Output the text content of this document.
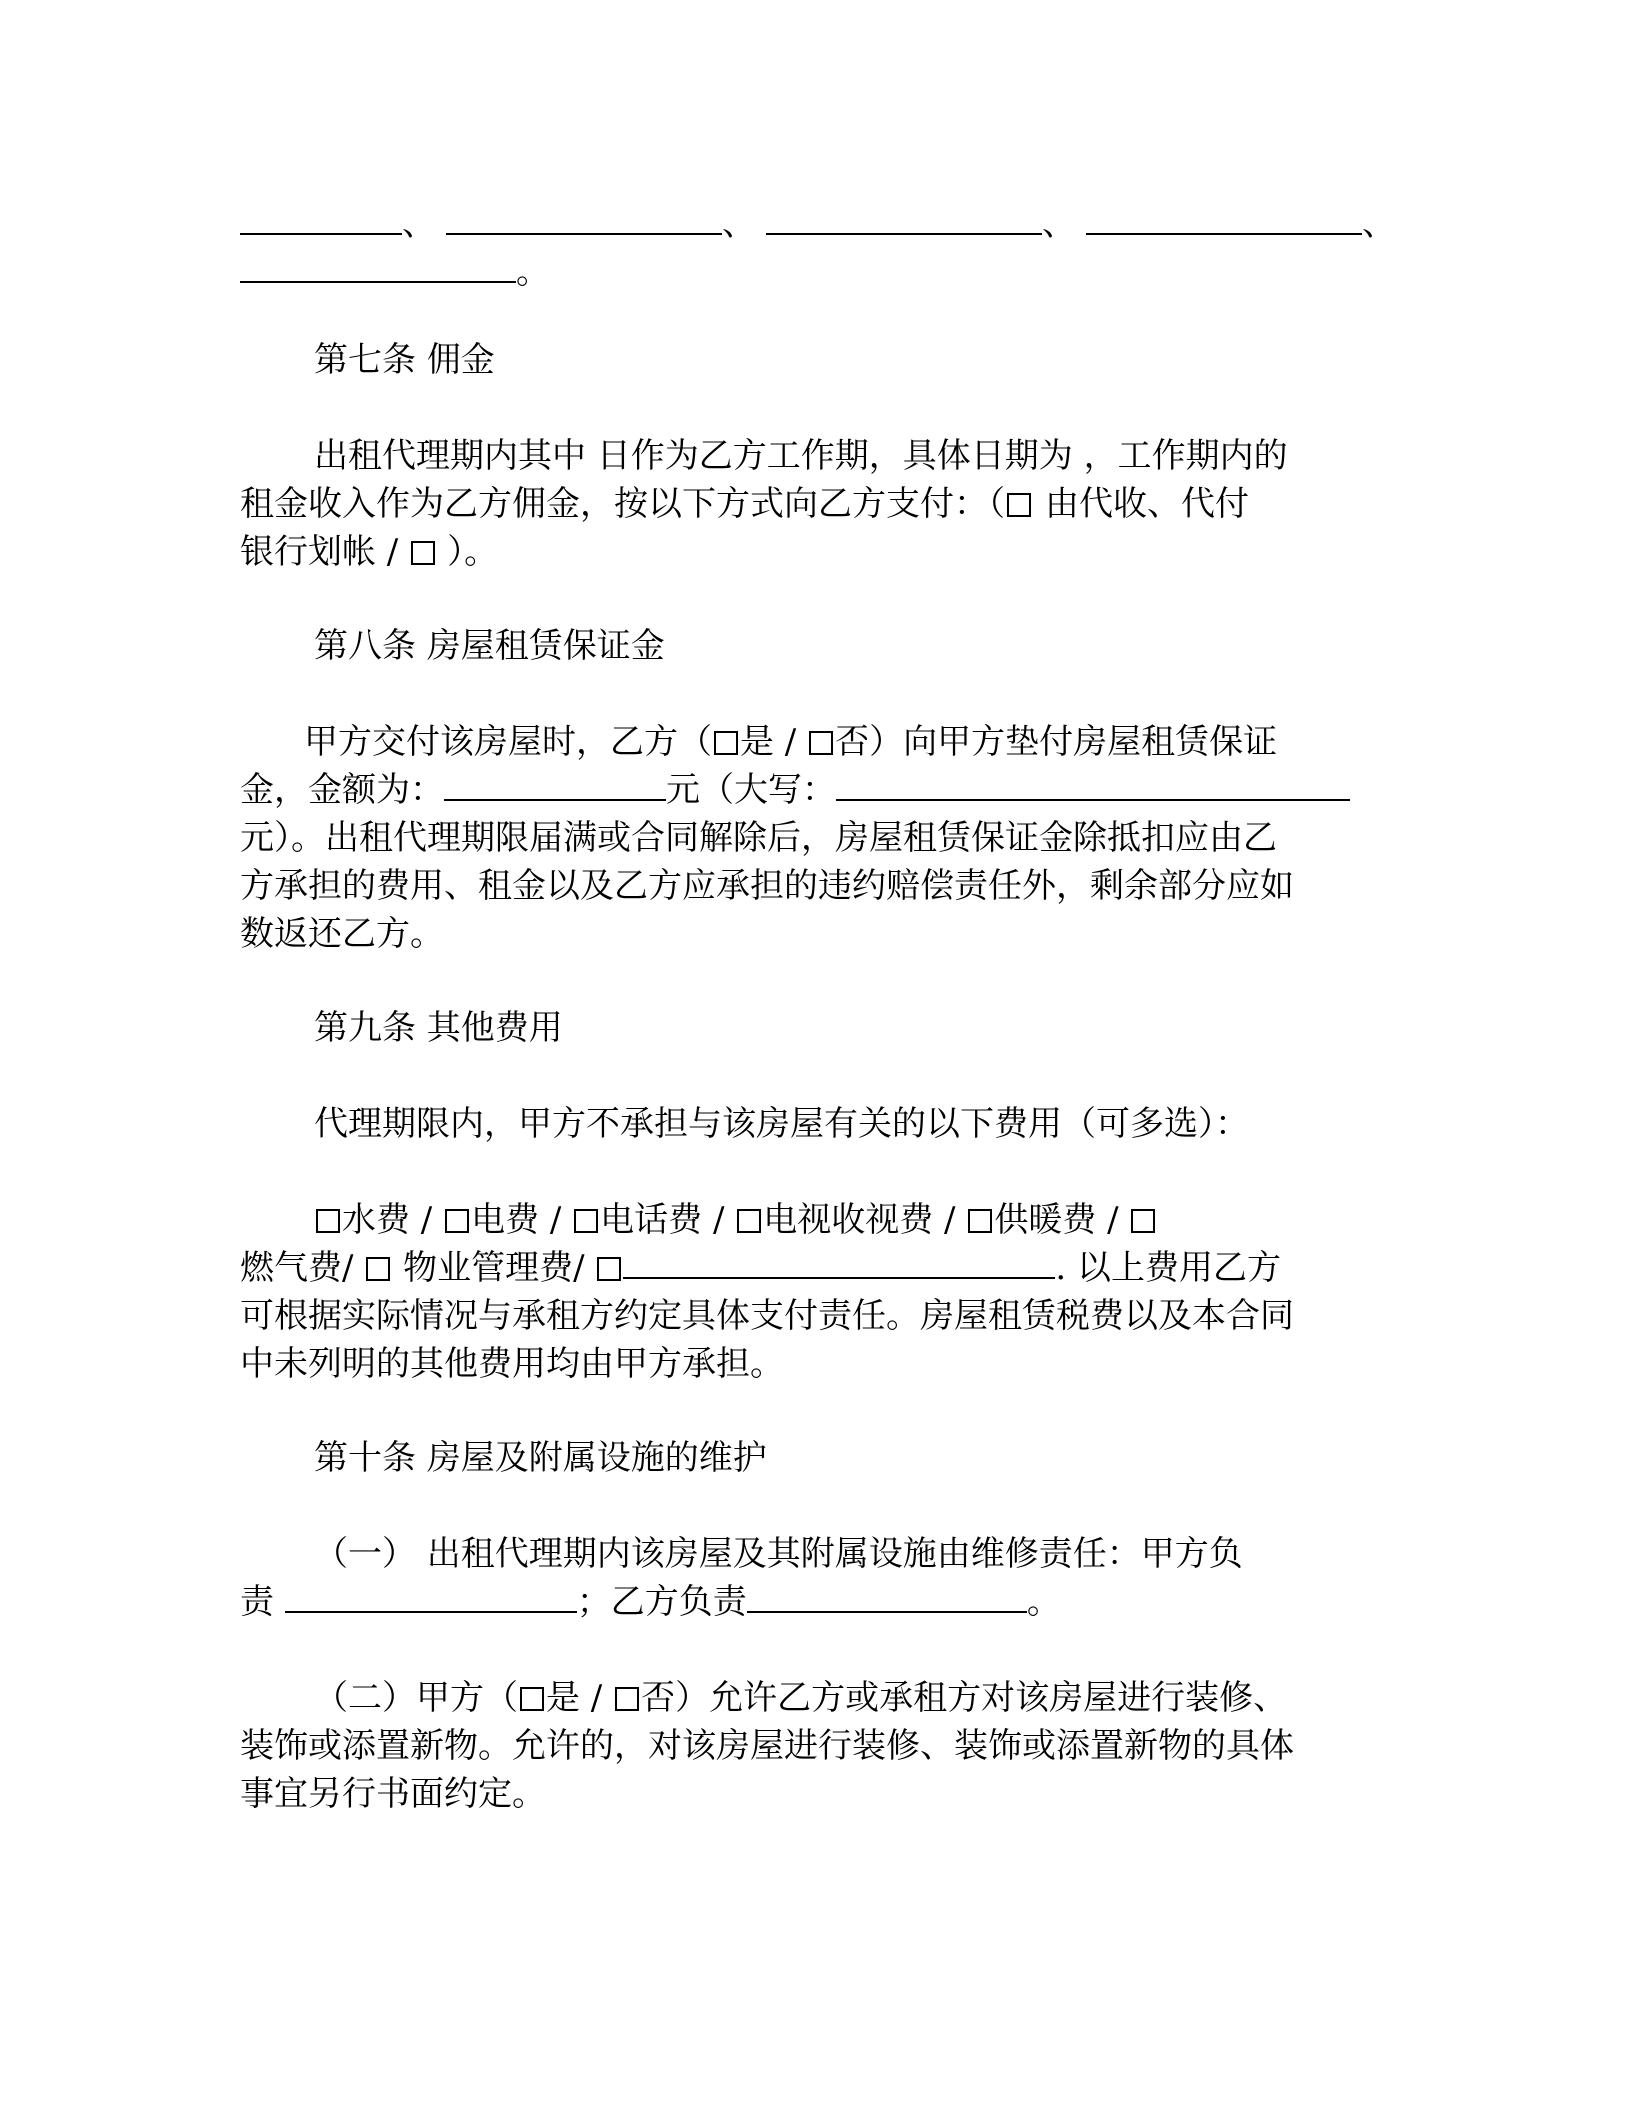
、	、	、	、
。
第七条 佣金
出租代理期内其中 日作为乙方工作期，具体日期为 ，工作期内的
租金收入作为乙方佣金，按以下方式向乙方支付：（ 由代收、代付
银行划帐 / ）。
第八条 房屋租赁保证金
甲方交付该房屋时，乙方（ 是 / 否）向甲方垫付房屋租赁保证
金，金额为：	元（大写：
元）。出租代理期限届满或合同解除后，房屋租赁保证金除抵扣应由乙
方承担的费用、租金以及乙方应承担的违约赔偿责任外，剩余部分应如
数返还乙方。
第九条 其他费用
代理期限内，甲方不承担与该房屋有关的以下费用（可多选）：
水费 / 电费 / 电话费 / 电视收视费 / 供暖费 /
燃气费/  物业管理费/	. 以上费用乙方
可根据实际情况与承租方约定具体支付责任。房屋租赁税费以及本合同
中未列明的其他费用均由甲方承担。
第十条 房屋及附属设施的维护
（一） 出租代理期内该房屋及其附属设施由维修责任：甲方负
责	；乙方负责	。
（二）甲方（ 是 / 否）允许乙方或承租方对该房屋进行装修、
装饰或添置新物。允许的，对该房屋进行装修、装饰或添置新物的具体
事宜另行书面约定。
